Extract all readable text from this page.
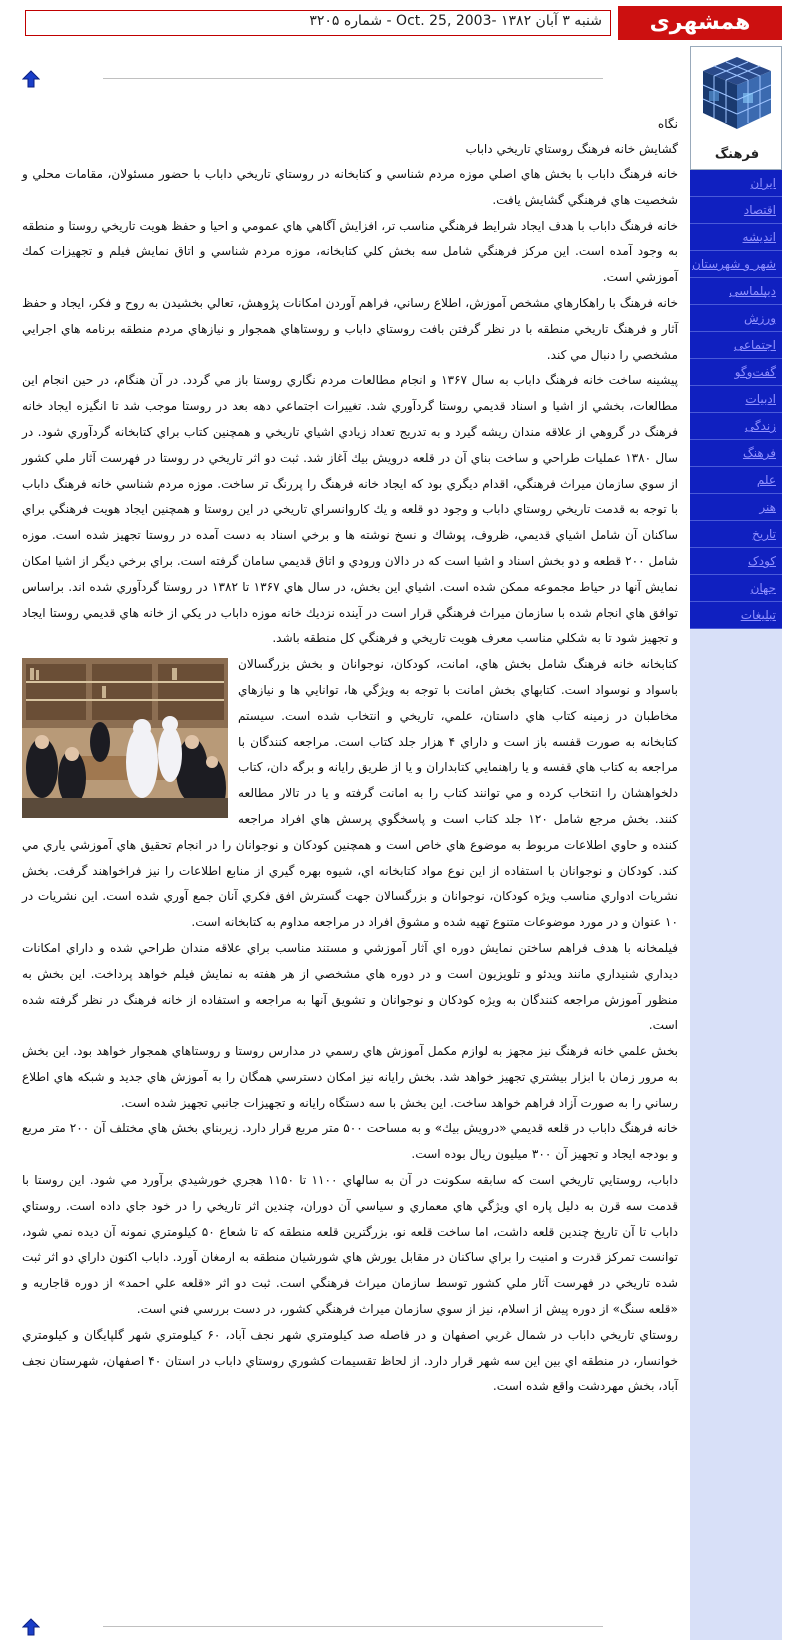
شنبه ۳ آبان ۱۳۸۲ -Oct. 25, 2003 - شماره ۳۲۰۵	همشهری
فرهنگ
ایران
اقتصاد
اندیشه
شهر و شهرستان
دیپلماسی
ورزش
اجتماعی
گفت‌وگو
ادبیات
زندگی
فرهنگ
علم
هنر
تاریخ
کودک
جهان
تبلیغات

نگاه

گشايش خانه فرهنگ روستاي تاريخي داباب

خانه فرهنگ داباب با بخش هاي اصلي موزه مردم شناسي و كتابخانه در روستاي تاريخي داباب با حضور مسئولان، مقامات محلي و شخصيت هاي فرهنگي گشايش يافت.

خانه فرهنگ داباب با هدف ايجاد شرايط فرهنگي مناسب تر، افزايش آگاهي هاي عمومي و احيا و حفظ هويت تاريخي روستا و منطقه به وجود آمده است. اين مركز فرهنگي شامل سه بخش كلي كتابخانه، موزه مردم شناسي و اتاق نمايش فيلم و تجهيزات كمك آموزشي است.

خانه فرهنگ با راهكارهاي مشخص آموزش، اطلاع رساني، فراهم آوردن امكانات پژوهش، تعالي بخشيدن به روح و فكر، ايجاد و حفظ آثار و فرهنگ تاريخي منطقه با در نظر گرفتن بافت روستاي داباب و روستاهاي همجوار و نيازهاي مردم منطقه برنامه هاي اجرايي مشخصي را دنبال مي كند.

پيشينه ساخت خانه فرهنگ داباب به سال ۱۳۶۷ و انجام مطالعات مردم نگاري روستا باز مي گردد. در آن هنگام، در حين انجام اين مطالعات، بخشي از اشيا و اسناد قديمي روستا گردآوري شد. تغييرات اجتماعي دهه بعد در روستا موجب شد تا انگيزه ايجاد خانه فرهنگ در گروهي از علاقه مندان ريشه گيرد و به تدريج تعداد زيادي اشياي تاريخي و همچنين كتاب براي كتابخانه گردآوري شود. در سال ۱۳۸۰ عمليات طراحي و ساخت بناي آن در قلعه درويش بيك آغاز شد. ثبت دو اثر تاريخي در روستا در فهرست آثار ملي كشور از سوي سازمان ميراث فرهنگي، اقدام ديگري بود كه ايجاد خانه فرهنگ را پررنگ تر ساخت. موزه مردم شناسي خانه فرهنگ داباب با توجه به قدمت تاريخي روستاي داباب و وجود دو قلعه و يك كاروانسراي تاريخي در اين روستا و همچنين ايجاد هويت فرهنگي براي ساكنان آن شامل اشياي قديمي، ظروف، پوشاك و نسخ نوشته ها و برخي اسناد به دست آمده در روستا تجهيز شده است. موزه شامل ۲۰۰ قطعه و دو بخش اسناد و اشيا است كه در دالان ورودي و اتاق قديمي سامان گرفته است. براي برخي ديگر از اشيا امكان نمايش آنها در حياط مجموعه ممكن شده است. اشياي اين بخش، در سال هاي ۱۳۶۷ تا ۱۳۸۲ در روستا گردآوري شده اند. براساس توافق هاي انجام شده با سازمان ميراث فرهنگي قرار است در آينده نزديك خانه موزه داباب در يكي از خانه هاي قديمي روستا ايجاد و تجهيز شود تا به شكلي مناسب معرف هويت تاريخي و فرهنگي كل منطقه باشد.

كتابخانه خانه فرهنگ شامل بخش هاي، امانت، كودكان، نوجوانان و بخش بزرگسالان باسواد و نوسواد است. كتابهاي بخش امانت با توجه به ويژگي ها، توانايي ها و نيازهاي مخاطبان در زمينه كتاب هاي داستان، علمي، تاريخي و انتخاب شده است. سيستم كتابخانه به صورت قفسه باز است و داراي ۴ هزار جلد كتاب است. مراجعه كنندگان با مراجعه به كتاب هاي قفسه و يا راهنمايي كتابداران و يا از طريق رايانه و برگه دان، كتاب دلخواهشان را انتخاب كرده و مي توانند كتاب را به امانت گرفته و يا در تالار مطالعه كنند. بخش مرجع شامل ۱۲۰ جلد كتاب است و پاسخگوي پرسش هاي افراد مراجعه كننده و حاوي اطلاعات مربوط به موضوع هاي خاص است و همچنين كودكان و نوجوانان را در انجام تحقيق هاي آموزشي ياري مي كند. كودكان و نوجوانان با استفاده از اين نوع مواد كتابخانه اي، شيوه بهره گيري از منابع اطلاعات را نيز فراخواهند گرفت. بخش نشريات ادواري مناسب ويژه كودكان، نوجوانان و بزرگسالان جهت گسترش افق فكري آنان جمع آوري شده است. اين نشريات در ۱۰ عنوان و در مورد موضوعات متنوع تهيه شده و مشوق افراد در مراجعه مداوم به كتابخانه است.

فيلمخانه با هدف فراهم ساختن نمايش دوره اي آثار آموزشي و مستند مناسب براي علاقه مندان طراحي شده و داراي امكانات ديداري شنيداري مانند ويدئو و تلويزيون است و در دوره هاي مشخصي از هر هفته به نمايش فيلم خواهد پرداخت. اين بخش به منظور آموزش مراجعه كنندگان به ويژه كودكان و نوجوانان و تشويق آنها به مراجعه و استفاده از خانه فرهنگ در نظر گرفته شده است.

بخش علمي خانه فرهنگ نيز مجهز به لوازم مكمل آموزش هاي رسمي در مدارس روستا و روستاهاي همجوار خواهد بود. اين بخش به مرور زمان با ابزار بيشتري تجهيز خواهد شد. بخش رايانه نيز امكان دسترسي همگان را به آموزش هاي جديد و شبكه هاي اطلاع رساني را به صورت آزاد فراهم خواهد ساخت. اين بخش با سه دستگاه رايانه و تجهيزات جانبي تجهيز شده است.

خانه فرهنگ داباب در قلعه قديمي «درويش بيك» و به مساحت ۵۰۰ متر مربع قرار دارد. زيربناي بخش هاي مختلف آن ۲۰۰ متر مربع و بودجه ايجاد و تجهيز آن ۳۰۰ ميليون ريال بوده است.

داباب، روستايي تاريخي است كه سابقه سكونت در آن به سالهاي ۱۱۰۰ تا ۱۱۵۰ هجري خورشيدي برآورد مي شود. اين روستا با قدمت سه قرن به دليل پاره اي ويژگي هاي معماري و سياسي آن دوران، چندين اثر تاريخي را در خود جاي داده است. روستاي داباب تا آن تاريخ چندين قلعه داشت، اما ساخت قلعه نو، بزرگترين قلعه منطقه كه تا شعاع ۵۰ كيلومتري نمونه آن ديده نمي شود، توانست تمركز قدرت و امنيت را براي ساكنان در مقابل يورش هاي شورشيان منطقه به ارمغان آورد. داباب اكنون داراي دو اثر ثبت شده تاريخي در فهرست آثار ملي كشور توسط سازمان ميراث فرهنگي است. ثبت دو اثر «قلعه علي احمد» از دوره قاجاريه و «قلعه سنگ» از دوره پيش از اسلام، نيز از سوي سازمان ميراث فرهنگي كشور، در دست بررسي فني است.

روستاي تاريخي داباب در شمال غربي اصفهان و در فاصله صد كيلومتري شهر نجف آباد، ۶۰ كيلومتري شهر گلپايگان و كيلومتري خوانسار، در منطقه اي بين اين سه شهر قرار دارد. از لحاظ تقسيمات كشوري روستاي داباب در استان ۴۰ اصفهان، شهرستان نجف آباد، بخش مهردشت واقع شده است.
